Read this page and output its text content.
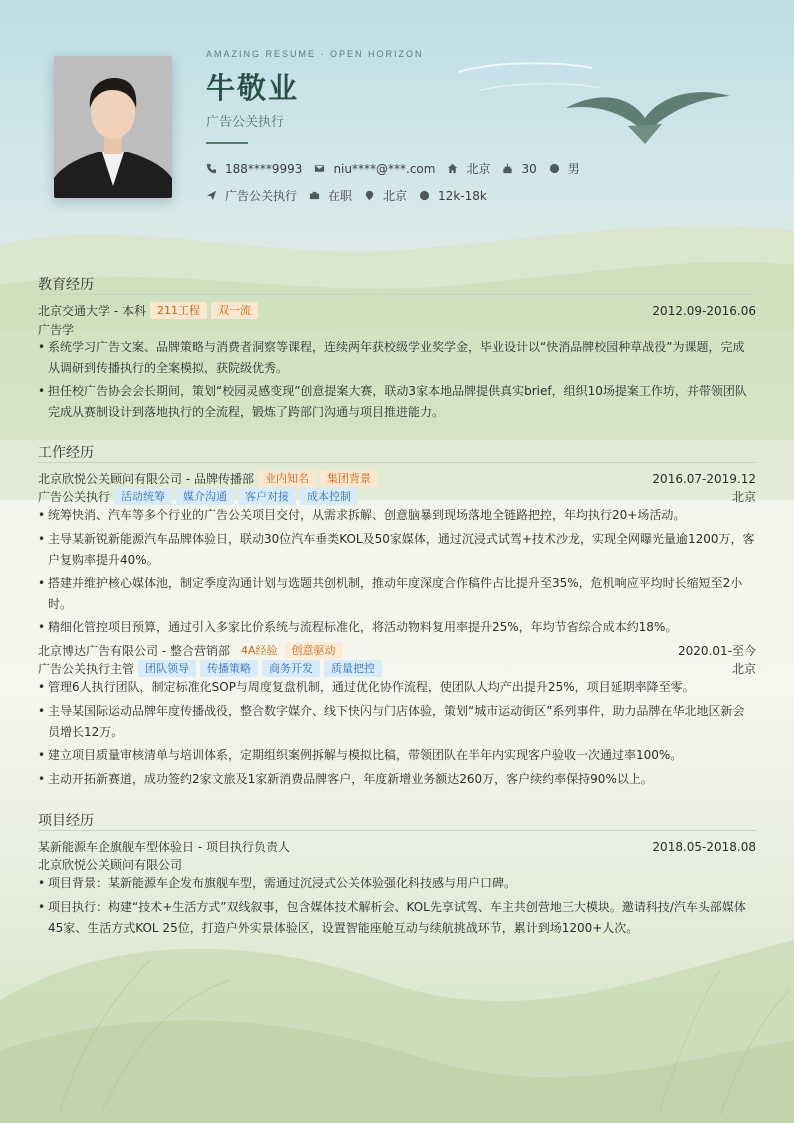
AMAZING RESUME · OPEN HORIZON
牛敬业
广告公关执行
188****9993	niu****@***.com	北京	30	男
广告公关执行	在职	北京	12k-18k
教育经历
北京交通大学 - 本科	211工程	双一流	2012.09-2016.06
广告学
• 系统学习广告文案、品牌策略与消费者洞察等课程，连续两年获校级学业奖学金，毕业设计以“快消品牌校园种草战役”为课题，完成从调研到传播执行的全案模拟，获院级优秀。
• 担任校广告协会会长期间，策划“校园灵感变现”创意提案大赛，联动3家本地品牌提供真实brief，组织10场提案工作坊，并带领团队完成从赛制设计到落地执行的全流程，锻炼了跨部门沟通与项目推进能力。
工作经历
北京欣悦公关顾问有限公司 - 品牌传播部	业内知名	集团背景	2016.07-2019.12
广告公关执行	活动统筹	媒介沟通	客户对接	成本控制	北京
• 统筹快消、汽车等多个行业的广告公关项目交付，从需求拆解、创意脑暴到现场落地全链路把控，年均执行20+场活动。
• 主导某新锐新能源汽车品牌体验日，联动30位汽车垂类KOL及50家媒体，通过沉浸式试驾+技术沙龙，实现全网曝光量逾1200万，客户复购率提升40%。
• 搭建并维护核心媒体池，制定季度沟通计划与选题共创机制，推动年度深度合作稿件占比提升至35%，危机响应平均时长缩短至2小时。
• 精细化管控项目预算，通过引入多家比价系统与流程标准化，将活动物料复用率提升25%，年均节省综合成本约18%。
北京博达广告有限公司 - 整合营销部 4A经验	创意驱动	2020.01-至今
广告公关执行主管	团队领导	传播策略	商务开发	质量把控	北京
• 管理6人执行团队，制定标准化SOP与周度复盘机制，通过优化协作流程，使团队人均产出提升25%，项目延期率降至零。
• 主导某国际运动品牌年度传播战役，整合数字媒介、线下快闪与门店体验，策划“城市运动街区”系列事件，助力品牌在华北地区新会员增长12万。
• 建立项目质量审核清单与培训体系，定期组织案例拆解与模拟比稿，带领团队在半年内实现客户验收一次通过率100%。
• 主动开拓新赛道，成功签约2家文旅及1家新消费品牌客户，年度新增业务额达260万，客户续约率保持90%以上。
项目经历
某新能源车企旗舰车型体验日 - 项目执行负责人	2018.05-2018.08
北京欣悦公关顾问有限公司
• 项目背景：某新能源车企发布旗舰车型，需通过沉浸式公关体验强化科技感与用户口碑。
• 项目执行：构建“技术+生活方式”双线叙事，包含媒体技术解析会、KOL先享试驾、车主共创营地三大模块。邀请科技/汽车头部媒体45家、生活方式KOL 25位，打造户外实景体验区，设置智能座舱互动与续航挑战环节，累计到场1200+人次。
